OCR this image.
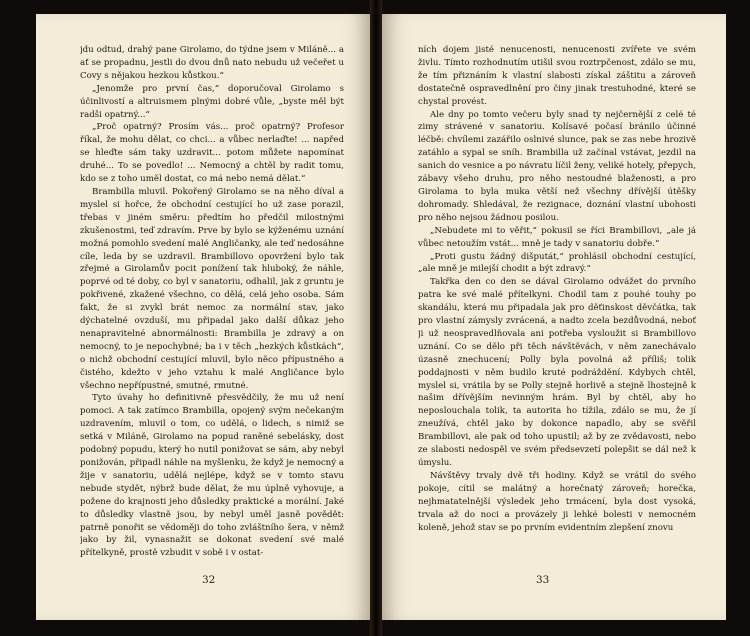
jdu odtud, drahý pane Girolamo, do týdne jsem v Miláně... a ať se propadnu, jestli do dvou dnů nato nebudu už večeřet u Covy s nějakou hezkou kůstkou.“

„Jenomže pro první čas,“ doporučoval Girolamo s účinlivostí a altruismem plnými dobré vůle, „byste měl být radši opatrný...“

„Proč opatrný? Prosím vás... proč opatrný? Profesor říkal, že mohu dělat, co chci... a vůbec nerlaďte! ... napřed se hleďte sám taky uzdravit... potom můžete napomínat druhé... To se povedlo! ... Nemocný a chtěl by radit tomu, kdo se z toho uměl dostat, co má nebo nemá dělat.“

Brambilla mluvil. Pokořený Girolamo se na něho díval a myslel si hořce, že obchodní cestující ho už zase porazil, třebas v jiném směru: předtím ho předčil milostnými zkušenostmi, teď zdravím. Prve by bylo se kýženému uznání možná pomohlo svedení malé Angličanky, ale teď nedosáhne cíle, leda by se uzdravil. Brambillovo opovržení bylo tak zřejmé a Girolamův pocit ponížení tak hluboký, že náhle, poprvé od té doby, co byl v sanatoriu, odhalil, jak z gruntu je pokřivené, zkažené všechno, co dělá, celá jeho osoba. Sám fakt, že si zvykl brát nemoc za normální stav, jako dýchatelné ovzduší, mu připadal jako další důkaz jeho nenapravitelné abnormálnosti: Brambilla je zdravý a on nemocný, to je nepochybné; ba i v těch „hezkých kůstkách“, o nichž obchodní cestující mluvil, bylo něco přípustného a čistého, kdežto v jeho vztahu k malé Angličance bylo všechno nepřípustné, smutné, rmutné.

Tyto úvahy ho definitivně přesvědčily, že mu už není pomoci. A tak zatímco Brambilla, opojený svým nečekaným uzdravením, mluvil o tom, co udělá, o lidech, s nimiž se setká v Miláně, Girolamo na popud raněné sebelásky, dost podobný popudu, který ho nutil ponižovat se sám, aby nebyl ponižován, připadl náhle na myšlenku, že když je nemocný a žije v sanatoriu, udělá nejlépe, když se v tomto stavu nebude stydět, nýbrž bude dělat, že mu úplně vyhovuje, a požene do krajnosti jeho důsledky praktické a morální. Jaké to důsledky vlastně jsou, by nebyl uměl jasně povědět: patrně ponořit se vědoměji do toho zvláštního šera, v němž jako by žil, vynasnažit se dokonat svedení své malé přítelkyně, prostě vzbudit v sobě i v ostat-

32

ních dojem jisté nenucenosti, nenucenosti zvířete ve svém živlu. Tímto rozhodnutím utišil svou roztrpčenost, zdálo se mu, že tím přiznáním k vlastní slabosti získal záštitu a zároveň dostatečně ospravedlnění pro činy jinak trestuhodné, které se chystal provést.

Ale dny po tomto večeru byly snad ty nejčernější z celé té zimy strávené v sanatoriu. Kolísavé počasí bránilo účinné léčbě: chvílemi zazářilo oslnivé slunce, pak se zas nebe hrozivě zatáhlo a sypal se sníh. Brambilla už začínal vstávat, jezdil na sanich do vesnice a po návratu líčil ženy, veliké hotely, přepych, zábavy všeho druhu, pro něho nestoudné blaženosti, a pro Girolama to byla muka větší než všechny dřívější útěšky dohromady. Shledával, že rezignace, doznání vlastní ubohosti pro něho nejsou žádnou posilou.

„Nebudete mi to věřit,“ pokusil se říci Brambillovi, „ale já vůbec netoužím vstát... mně je tady v sanatoriu dobře.“

„Proti gustu žádný dišputát,“ prohlásil obchodní cestující, „ale mně je milejší chodit a být zdravý.“

Takřka den co den se dával Girolamo odvážet do prvního patra ke své malé přítelkyni. Chodil tam z pouhé touhy po skandálu, která mu připadala jak pro děťinskost děvčátka, tak pro vlastní zámysly zvrácená, a nadto zcela bezdůvodná, neboť ji už neospravedlňovala ani potřeba vysloužit si Brambillovo uznání. Co se dělo při těch návštěvách, v něm zanechávalo úzasně znechucení; Polly byla povolná až příliš; tolik poddajnosti v něm budilo kruté podráždění. Kdybych chtěl, myslel si, vrátila by se Polly stejně horlivě a stejně lhostejně k našim dřívějším nevinným hrám. Byl by chtěl, aby ho neposlouchala tolik, ta autorita ho tížila, zdálo se mu, že jí zneužívá, chtěl jako by dokonce napadlo, aby se svěřil Brambillovi, ale pak od toho upustil; až by ze zvědavosti, nebo ze slabosti nedospěl ve svém předsevzetí polepšit se dál než k úmyslu.

Návštěvy trvaly dvě tři hodiny. Když se vrátil do svého pokoje, cítil se malátný a horečnatý zároveň; horečka, nejhmatatelnější výsledek jeho trmácení, byla dost vysoká, trvala až do noci a provázely ji lehké bolesti v nemocném koleně, jehož stav se po prvním evidentním zlepšení znovu

33
